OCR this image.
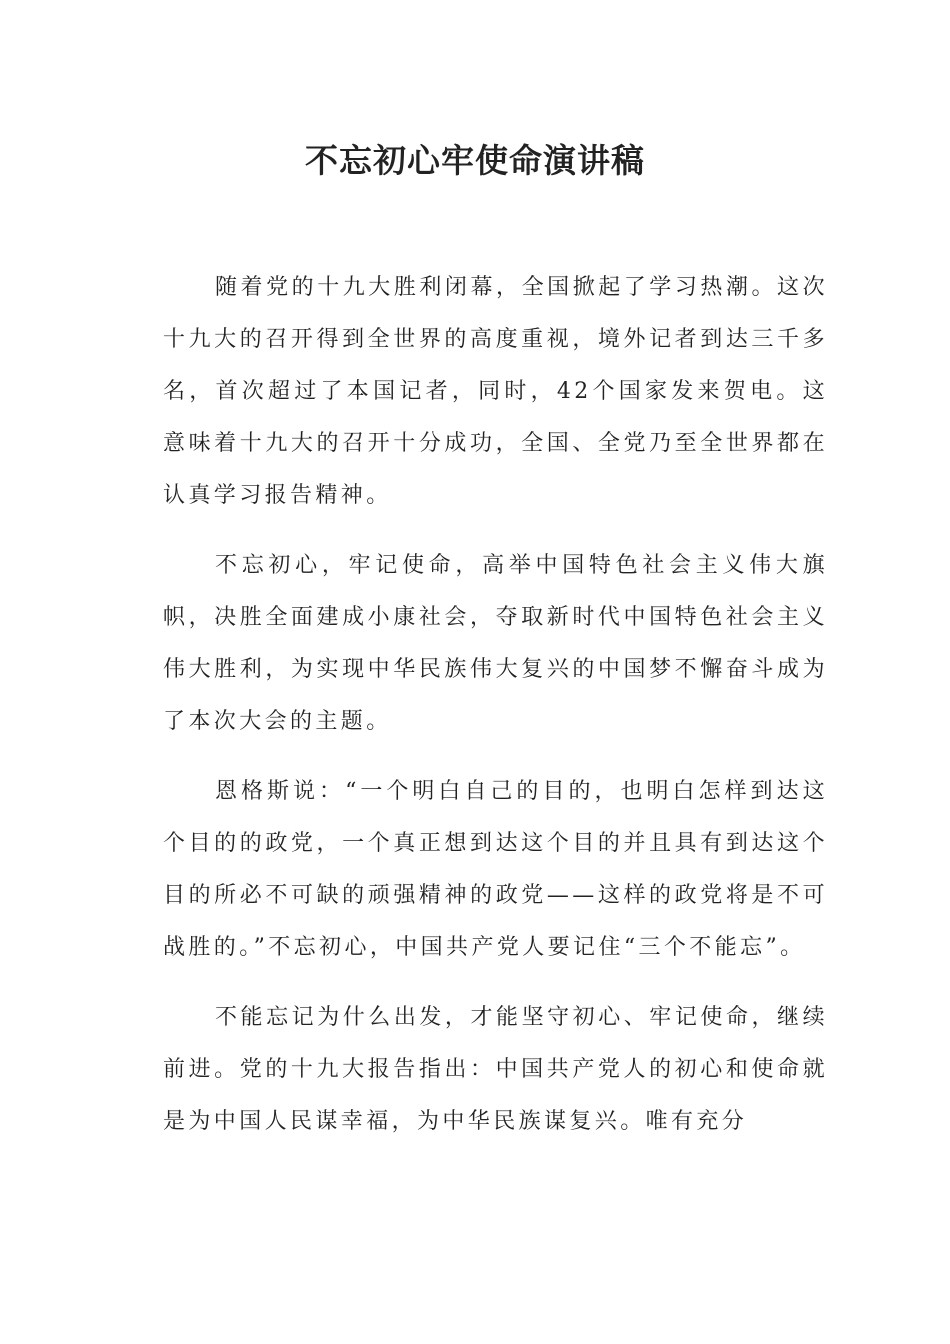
不忘初心牢使命演讲稿

随着党的十九大胜利闭幕，全国掀起了学习热潮。这次十九大的召开得到全世界的高度重视，境外记者到达三千多名，首次超过了本国记者，同时，42个国家发来贺电。这意味着十九大的召开十分成功，全国、全党乃至全世界都在认真学习报告精神。

不忘初心，牢记使命，高举中国特色社会主义伟大旗帜，决胜全面建成小康社会，夺取新时代中国特色社会主义伟大胜利，为实现中华民族伟大复兴的中国梦不懈奋斗成为了本次大会的主题。

恩格斯说：“一个明白自己的目的，也明白怎样到达这个目的的政党，一个真正想到达这个目的并且具有到达这个目的所必不可缺的顽强精神的政党——这样的政党将是不可战胜的。”不忘初心，中国共产党人要记住“三个不能忘”。

不能忘记为什么出发，才能坚守初心、牢记使命，继续前进。党的十九大报告指出：中国共产党人的初心和使命就是为中国人民谋幸福，为中华民族谋复兴。唯有充分
